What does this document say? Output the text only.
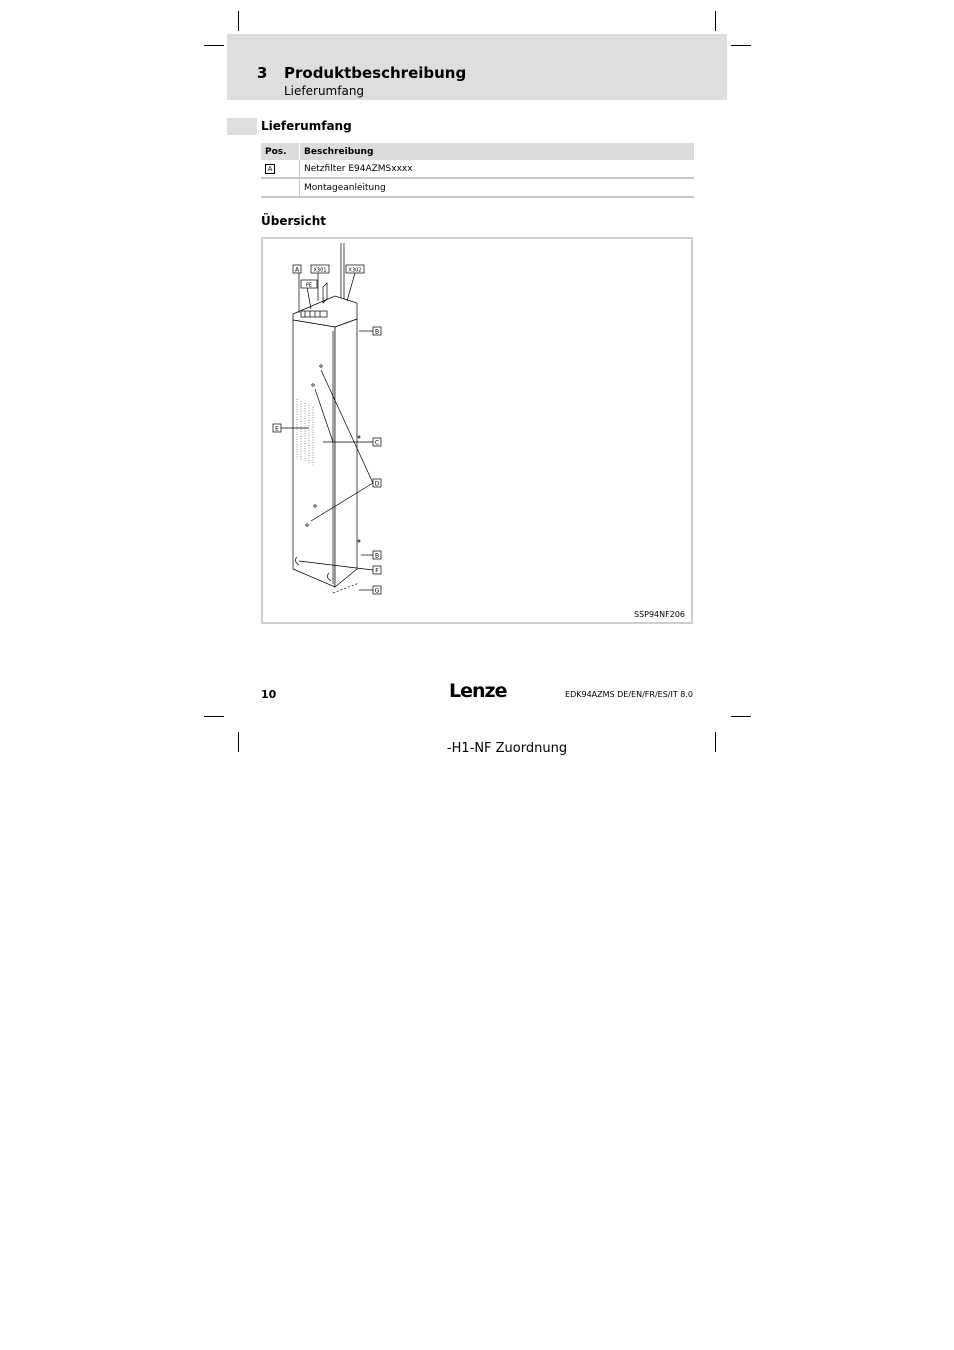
3 Produktbeschreibung
Lieferumfang
Lieferumfang
Pos.	Beschreibung
A	Netzfilter E94AZMSxxxx
Montageanleitung
Übersicht
A	X301	X302
PE
B
E
C
D
B
F
G
SSP94NF206
10	Lenze	EDK94AZMS DE/EN/FR/ES/IT 8.0
-H1-NF Zuordnung
